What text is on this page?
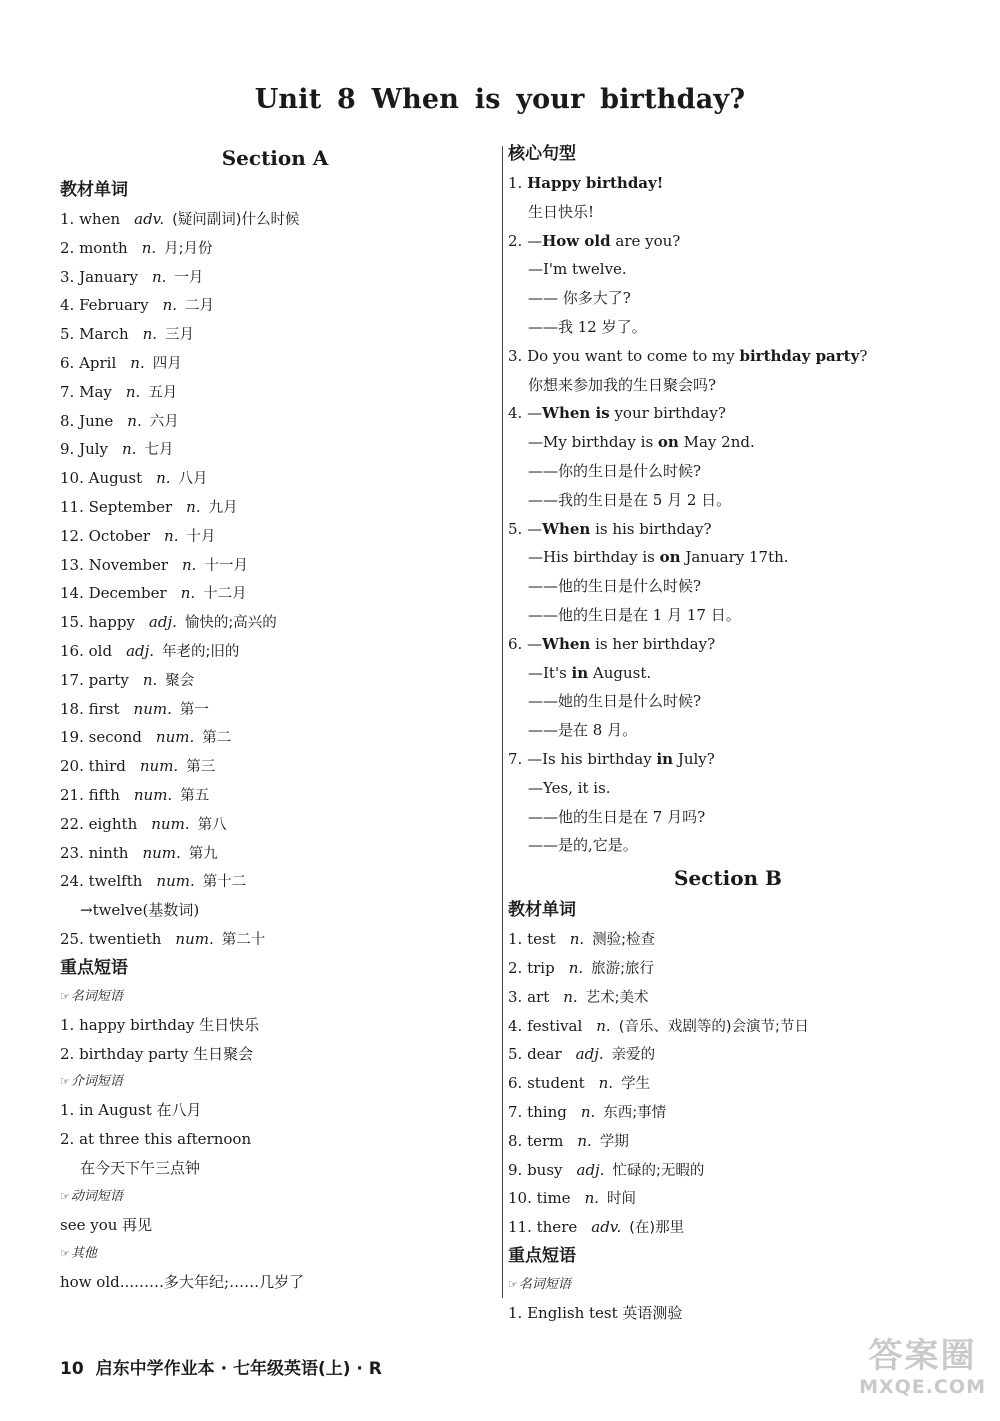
Unit 8 When is your birthday?
Section A
教材单词
1. when adv. (疑问副词)什么时候
2. month n. 月;月份
3. January n. 一月
4. February n. 二月
5. March n. 三月
6. April n. 四月
7. May n. 五月
8. June n. 六月
9. July n. 七月
10. August n. 八月
11. September n. 九月
12. October n. 十月
13. November n. 十一月
14. December n. 十二月
15. happy adj. 愉快的;高兴的
16. old adj. 年老的;旧的
17. party n. 聚会
18. first num. 第一
19. second num. 第二
20. third num. 第三
21. fifth num. 第五
22. eighth num. 第八
23. ninth num. 第九
24. twelfth num. 第十二
→twelve(基数词)
25. twentieth num. 第二十
重点短语
☞ 名词短语
1. happy birthday 生日快乐
2. birthday party 生日聚会
☞ 介词短语
1. in August 在八月
2. at three this afternoon
在今天下午三点钟
☞ 动词短语
see you 再见
☞ 其他
how old...……多大年纪;……几岁了
核心句型
1. Happy birthday!
生日快乐!
2. —How old are you?
—I'm twelve.
—— 你多大了?
——我 12 岁了。
3. Do you want to come to my birthday party?
你想来参加我的生日聚会吗?
4. —When is your birthday?
—My birthday is on May 2nd.
——你的生日是什么时候?
——我的生日是在 5 月 2 日。
5. —When is his birthday?
—His birthday is on January 17th.
——他的生日是什么时候?
——他的生日是在 1 月 17 日。
6. —When is her birthday?
—It's in August.
——她的生日是什么时候?
——是在 8 月。
7. —Is his birthday in July?
—Yes, it is.
——他的生日是在 7 月吗?
——是的,它是。
Section B
教材单词
1. test n. 测验;检查
2. trip n. 旅游;旅行
3. art n. 艺术;美术
4. festival n. (音乐、戏剧等的)会演节;节日
5. dear adj. 亲爱的
6. student n. 学生
7. thing n. 东西;事情
8. term n. 学期
9. busy adj. 忙碌的;无暇的
10. time n. 时间
11. there adv. (在)那里
重点短语
☞ 名词短语
1. English test 英语测验
10 启东中学作业本 · 七年级英语(上) · R	答案圈
MXQE.COM
